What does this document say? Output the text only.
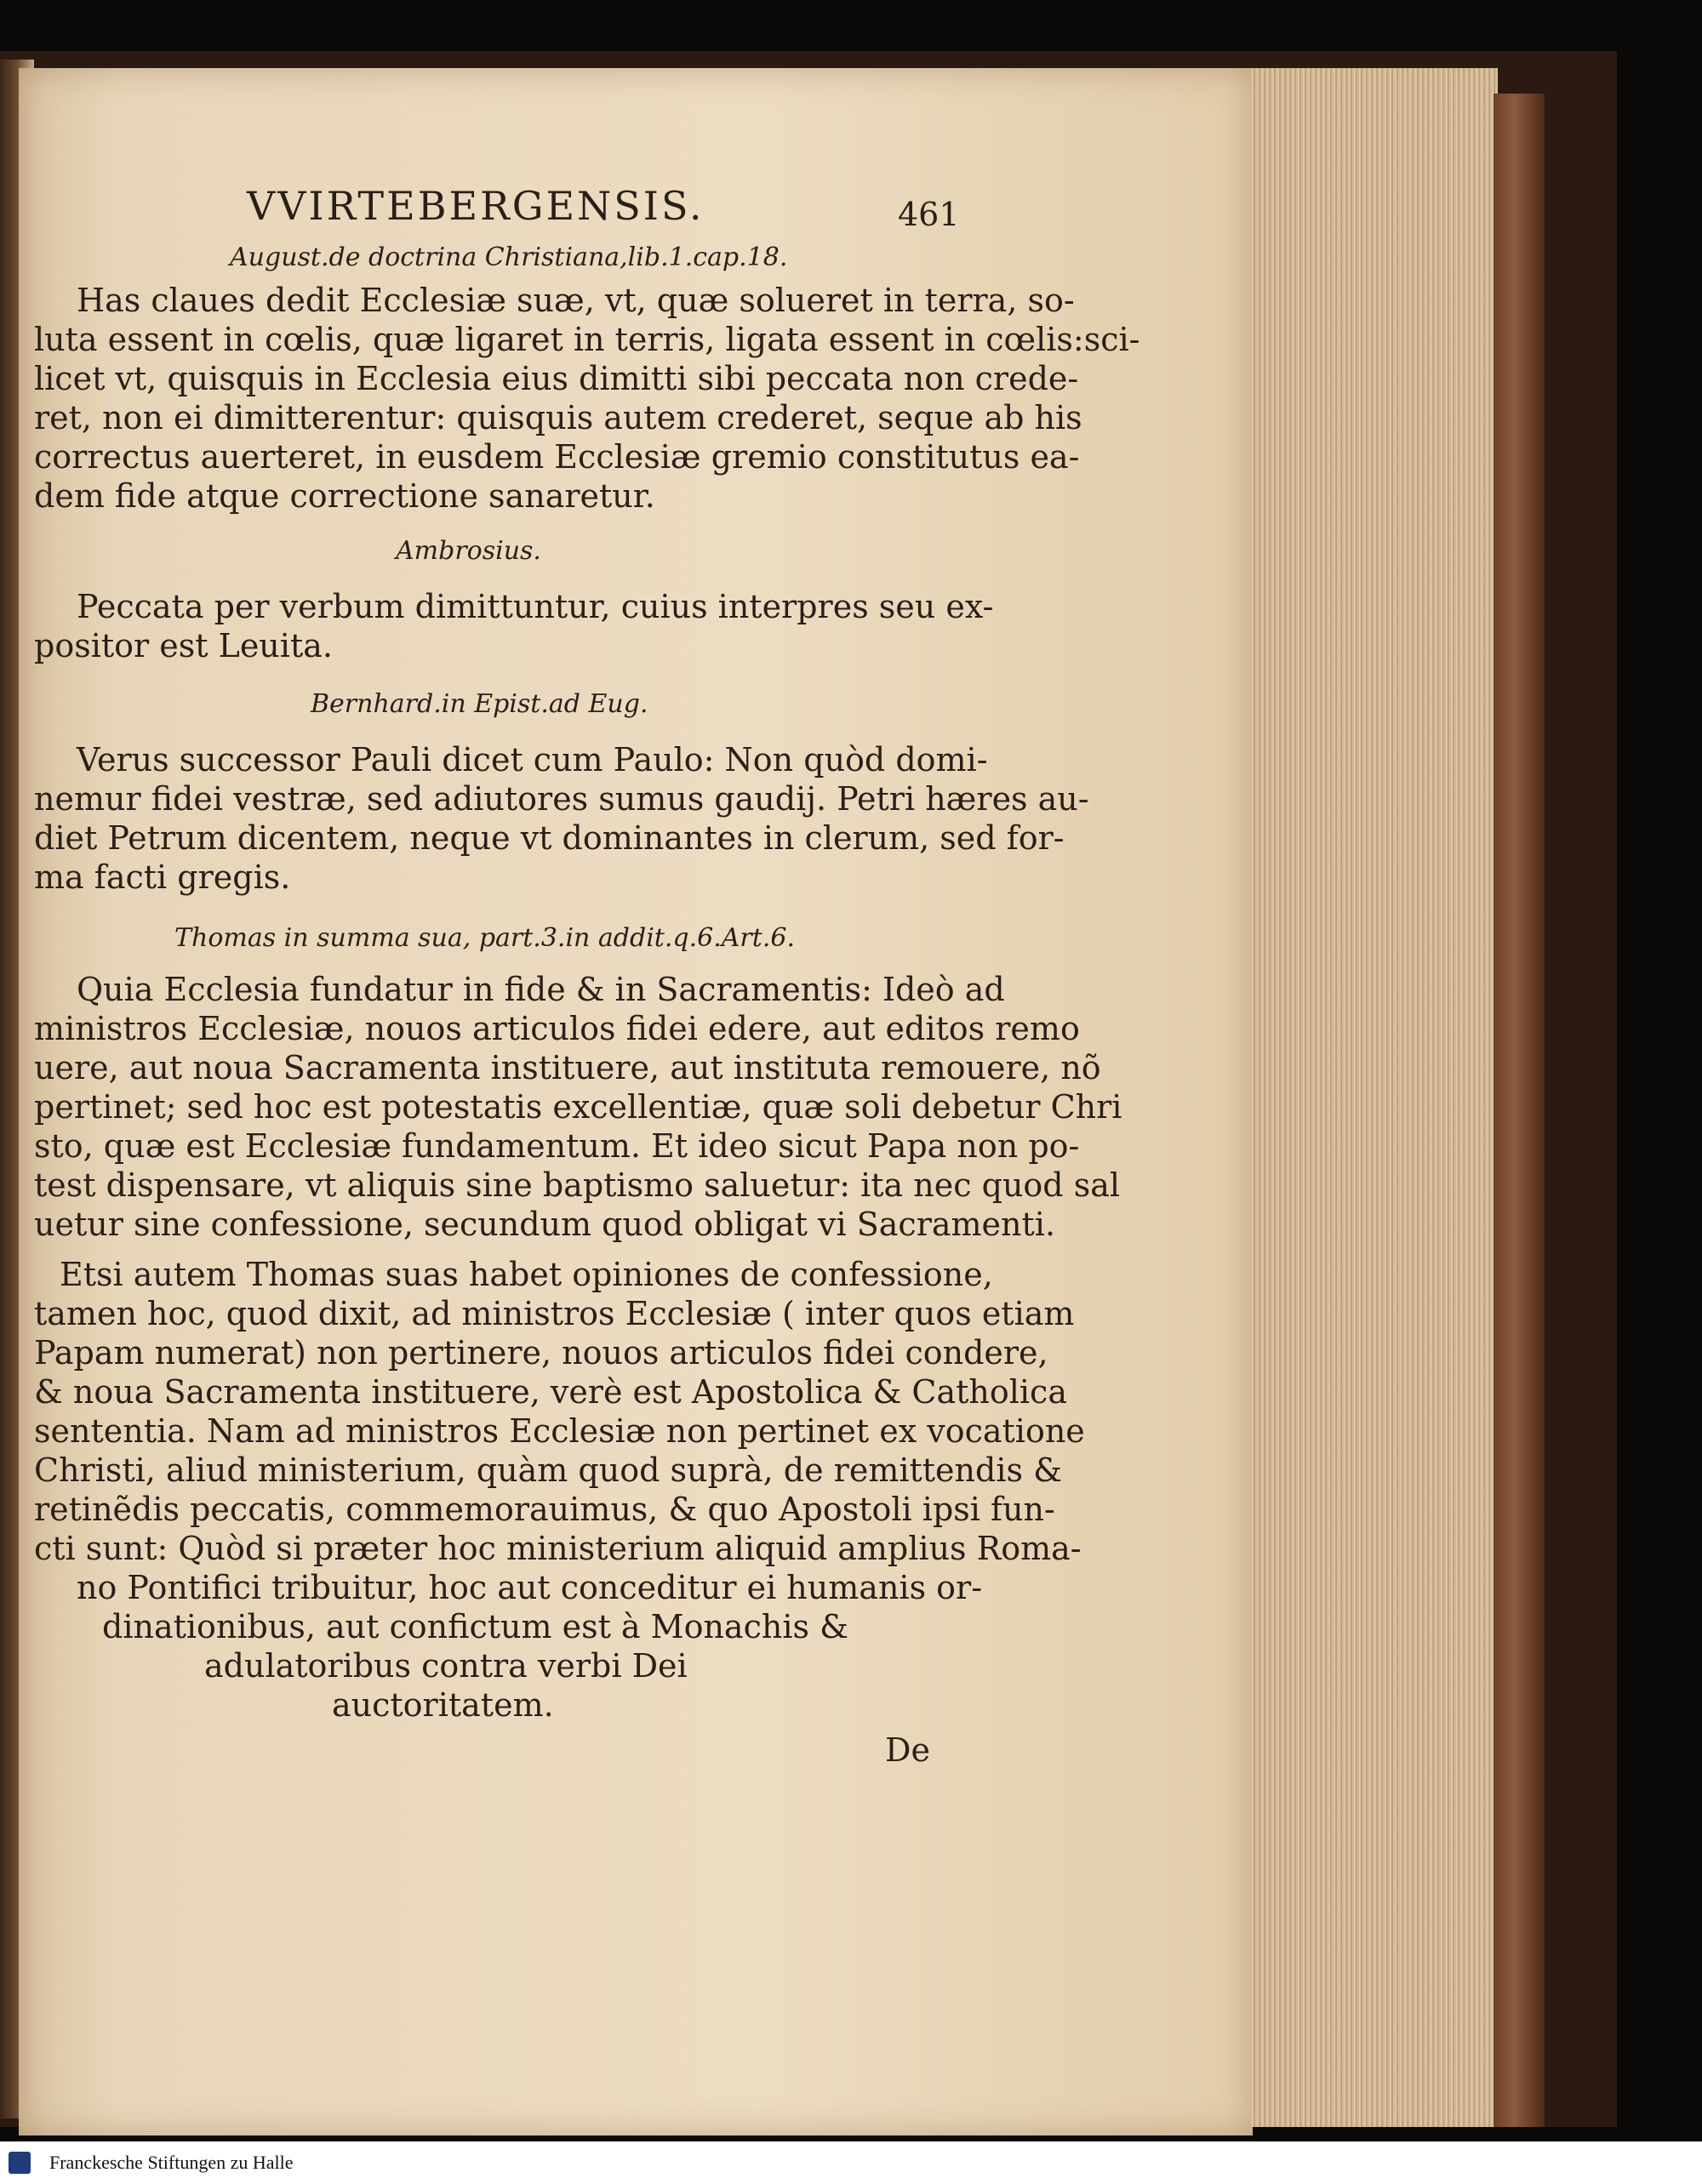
VVIRTEBERGENSIS.	461
August.de doctrina Christiana,lib.1.cap.18.
Has claues dedit Ecclesiæ suæ, vt, quæ solueret in terra, so-
luta essent in cœlis, quæ ligaret in terris, ligata essent in cœlis:sci-
licet vt, quisquis in Ecclesia eius dimitti sibi peccata non crede-
ret, non ei dimitterentur: quisquis autem crederet, seque ab his
correctus auerteret, in eusdem Ecclesiæ gremio constitutus ea-
dem fide atque correctione sanaretur.
Ambrosius.
Peccata per verbum dimittuntur, cuius interpres seu ex-
positor est Leuita.
Bernhard.in Epist.ad Eug.
Verus successor Pauli dicet cum Paulo: Non quòd domi-
nemur fidei vestræ, sed adiutores sumus gaudij. Petri hæres au-
diet Petrum dicentem, neque vt dominantes in clerum, sed for-
ma facti gregis.
Thomas in summa sua, part.3.in addit.q.6.Art.6.
Quia Ecclesia fundatur in fide & in Sacramentis: Ideò ad
ministros Ecclesiæ, nouos articulos fidei edere, aut editos remo
uere, aut noua Sacramenta instituere, aut instituta remouere, nõ
pertinet; sed hoc est potestatis excellentiæ, quæ soli debetur Chri
sto, quæ est Ecclesiæ fundamentum. Et ideo sicut Papa non po-
test dispensare, vt aliquis sine baptismo saluetur: ita nec quod sal
uetur sine confessione, secundum quod obligat vi Sacramenti.
Etsi autem Thomas suas habet opiniones de confessione,
tamen hoc, quod dixit, ad ministros Ecclesiæ ( inter quos etiam
Papam numerat) non pertinere, nouos articulos fidei condere,
& noua Sacramenta instituere, verè est Apostolica & Catholica
sententia. Nam ad ministros Ecclesiæ non pertinet ex vocatione
Christi, aliud ministerium, quàm quod suprà, de remittendis &
retinẽdis peccatis, commemorauimus, & quo Apostoli ipsi fun-
cti sunt: Quòd si præter hoc ministerium aliquid amplius Roma-
no Pontifici tribuitur, hoc aut conceditur ei humanis or-
dinationibus, aut confictum est à Monachis &
adulatoribus contra verbi Dei
auctoritatem.
De
Franckesche Stiftungen zu Halle
